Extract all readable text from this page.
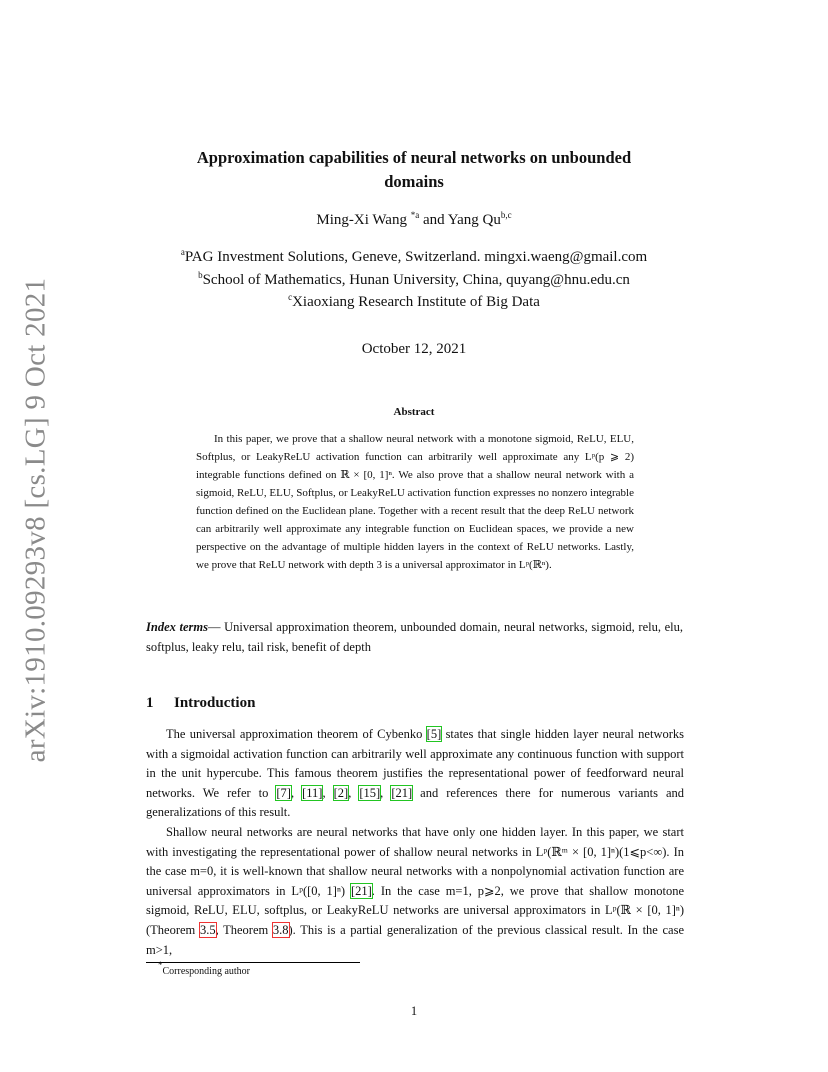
arXiv:1910.09293v8 [cs.LG] 9 Oct 2021
Approximation capabilities of neural networks on unbounded
domains
Ming-Xi Wang $^{*a}$ and Yang Qu$^{b,c}$
$^a$PAG Investment Solutions, Geneve, Switzerland. mingxi.waeng@gmail.com
$^b$School of Mathematics, Hunan University, China, quyang@hnu.edu.cn
$^c$Xiaoxiang Research Institute of Big Data
October 12, 2021
Abstract

In this paper, we prove that a shallow neural network with a monotone sigmoid, ReLU, ELU, Softplus, or LeakyReLU activation function can arbitrarily well approximate any Lᵖ(p ⩾ 2) integrable functions defined on ℝ × [0, 1]ⁿ. We also prove that a shallow neural network with a sigmoid, ReLU, ELU, Softplus, or LeakyReLU activation function expresses no nonzero integrable function defined on the Euclidean plane. Together with a recent result that the deep ReLU network can arbitrarily well approximate any integrable function on Euclidean spaces, we provide a new perspective on the advantage of multiple hidden layers in the context of ReLU networks. Lastly, we prove that ReLU network with depth 3 is a universal approximator in Lᵖ(ℝⁿ).

Index terms— Universal approximation theorem, unbounded domain, neural networks, sigmoid, relu, elu, softplus, leaky relu, tail risk, benefit of depth
1 Introduction

The universal approximation theorem of Cybenko [5] states that single hidden layer neural networks with a sigmoidal activation function can arbitrarily well approximate any continuous function with support in the unit hypercube. This famous theorem justifies the representational power of feedforward neural networks. We refer to [7], [11], [2], [15], [21] and references there for numerous variants and generalizations of this result.

Shallow neural networks are neural networks that have only one hidden layer. In this paper, we start with investigating the representational power of shallow neural networks in Lᵖ(ℝᵐ × [0, 1]ⁿ)(1⩽p<∞). In the case m=0, it is well-known that shallow neural networks with a nonpolynomial activation function are universal approximators in Lᵖ([0, 1]ⁿ) [21]. In the case m=1, p⩾2, we prove that shallow monotone sigmoid, ReLU, ELU, softplus, or LeakyReLU networks are universal approximators in Lᵖ(ℝ × [0, 1]ⁿ) (Theorem 3.5, Theorem 3.8). This is a partial generalization of the previous classical result. In the case m>1,

*Corresponding author
1
